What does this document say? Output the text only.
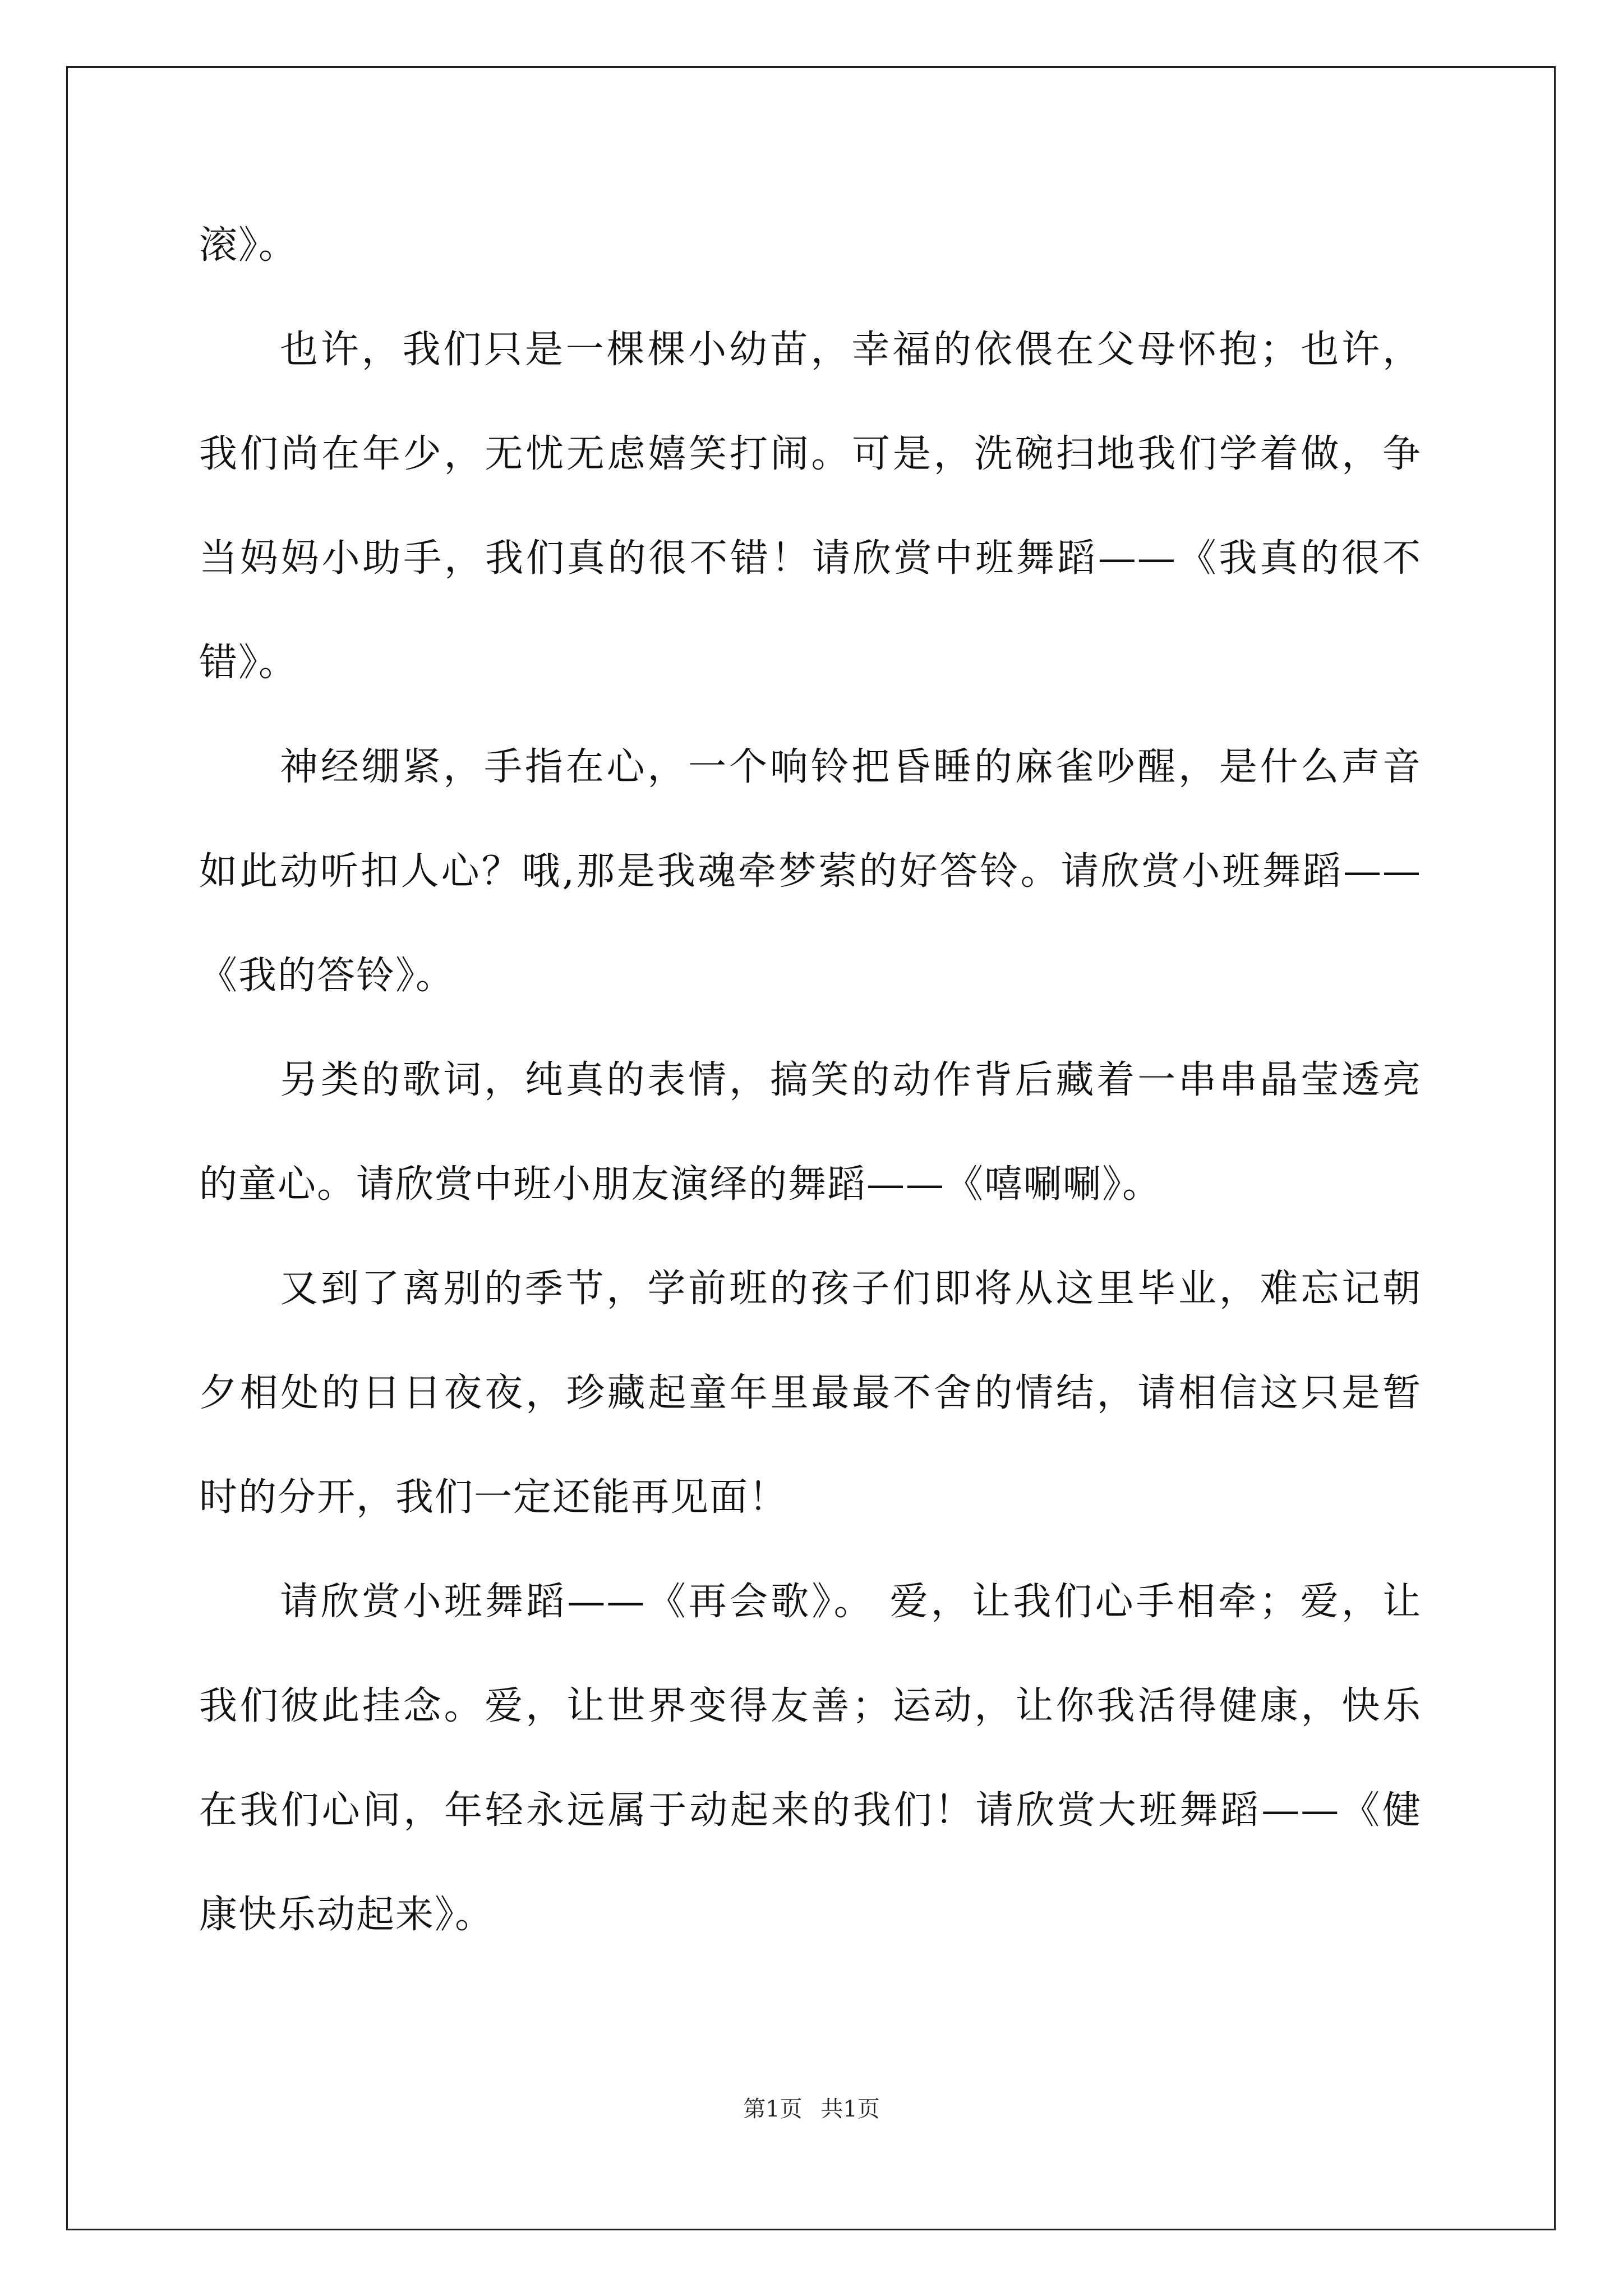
滚》。
也许，我们只是一棵棵小幼苗，幸福的依偎在父母怀抱；也许，
我们尚在年少，无忧无虑嬉笑打闹。可是，洗碗扫地我们学着做，争
当妈妈小助手，我们真的很不错！请欣赏中班舞蹈——《我真的很不
错》。
神经绷紧，手指在心，一个响铃把昏睡的麻雀吵醒，是什么声音
如此动听扣人心？哦,那是我魂牵梦萦的好答铃。请欣赏小班舞蹈——
《我的答铃》。
另类的歌词，纯真的表情，搞笑的动作背后藏着一串串晶莹透亮
的童心。请欣赏中班小朋友演绎的舞蹈——《嘻唰唰》。
又到了离别的季节，学前班的孩子们即将从这里毕业，难忘记朝
夕相处的日日夜夜，珍藏起童年里最最不舍的情结，请相信这只是暂
时的分开，我们一定还能再见面！
请欣赏小班舞蹈——《再会歌》。 爱，让我们心手相牵；爱，让
我们彼此挂念。爱，让世界变得友善；运动，让你我活得健康，快乐
在我们心间，年轻永远属于动起来的我们！请欣赏大班舞蹈——《健
康快乐动起来》。
第1页 共1页
